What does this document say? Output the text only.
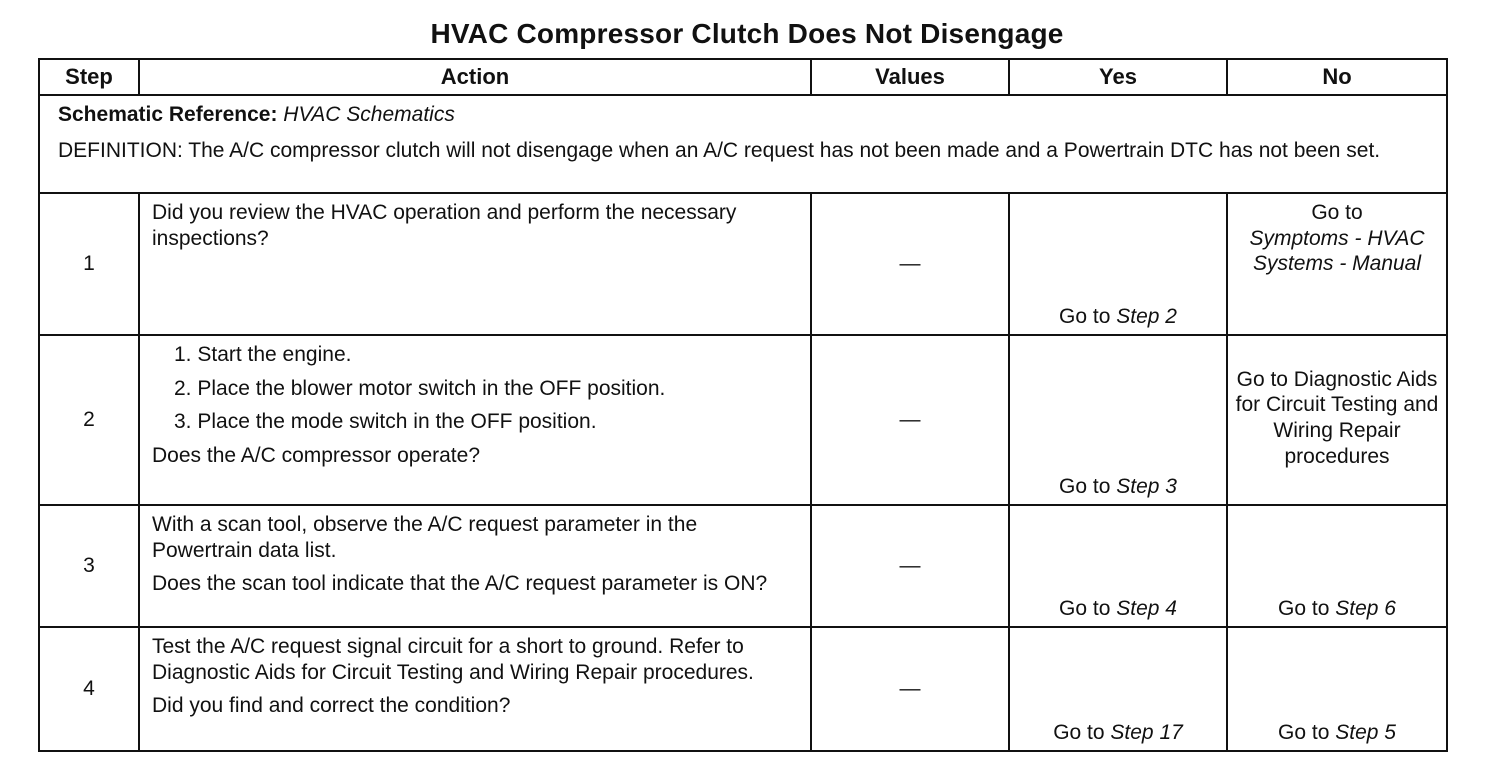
HVAC Compressor Clutch Does Not Disengage
Step	Action	Values	Yes	No

Schematic Reference: HVAC Schematics
DEFINITION: The A/C compressor clutch will not disengage when an A/C request has not been made and a Powertrain DTC has not been set.				

1	Did you review the HVAC operation and perform the necessary inspections?	—	Go to Step 2	Go to
Symptoms - HVAC Systems - Manual

2	1. Start the engine.
2. Place the blower motor switch in the OFF position.
3. Place the mode switch in the OFF position.
Does the A/C compressor operate?	—	Go to Step 3	Go to Diagnostic Aids for Circuit Testing and Wiring Repair procedures
3	With a scan tool, observe the A/C request parameter in the Powertrain data list.
Does the scan tool indicate that the A/C request parameter is ON?	—	Go to Step 4	Go to Step 6
4	Test the A/C request signal circuit for a short to ground. Refer to Diagnostic Aids for Circuit Testing and Wiring Repair procedures.
Did you find and correct the condition?	—	Go to Step 17	Go to Step 5
